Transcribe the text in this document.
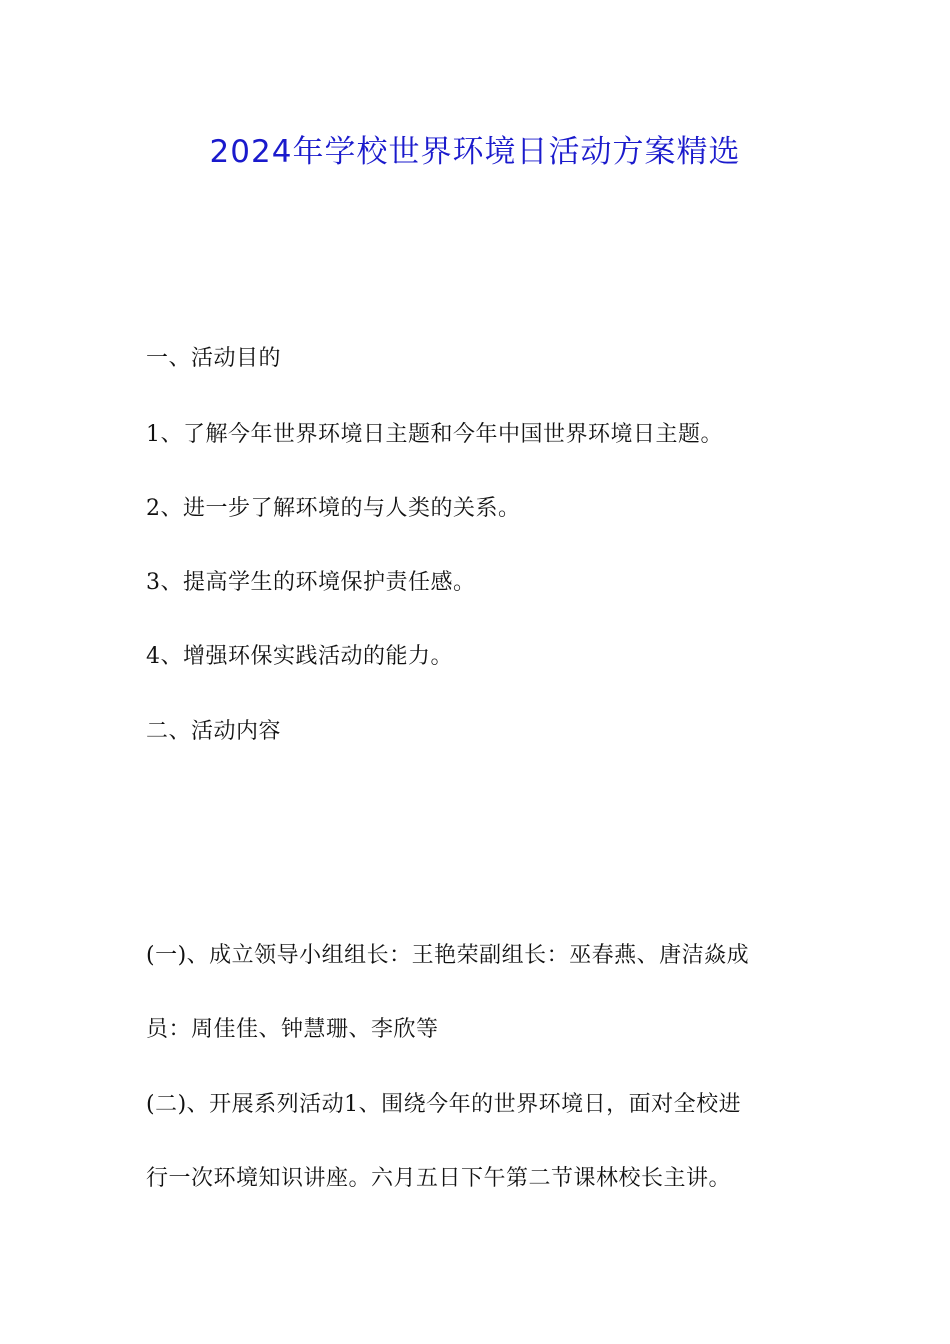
2024年学校世界环境日活动方案精选

一、活动目的

1、了解今年世界环境日主题和今年中国世界环境日主题。

2、进一步了解环境的与人类的关系。

3、提高学生的环境保护责任感。

4、增强环保实践活动的能力。

二、活动内容

(一)、成立领导小组组长：王艳荣副组长：巫春燕、唐洁焱成

员：周佳佳、钟慧珊、李欣等

(二)、开展系列活动1、围绕今年的世界环境日，面对全校进

行一次环境知识讲座。六月五日下午第二节课林校长主讲。
